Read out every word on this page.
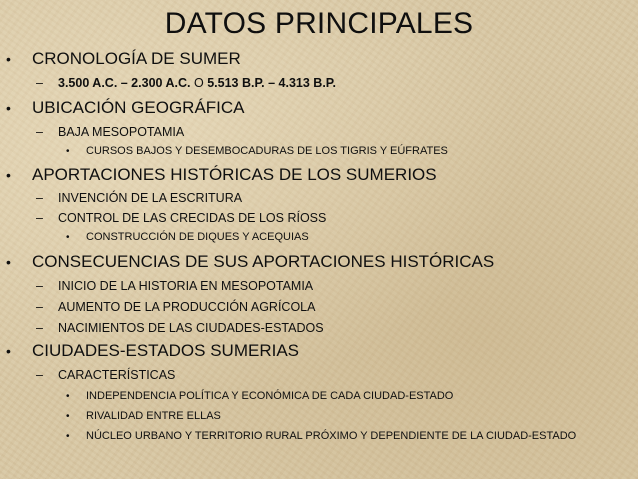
DATOS PRINCIPALES
• CRONOLOGÍA DE SUMER
– 3.500 A.C. – 2.300 A.C. O 5.513 B.P. – 4.313 B.P.
• UBICACIÓN GEOGRÁFICA
– BAJA MESOPOTAMIA
• CURSOS BAJOS Y DESEMBOCADURAS DE LOS TIGRIS Y EÚFRATES
• APORTACIONES HISTÓRICAS DE LOS SUMERIOS
– INVENCIÓN DE LA ESCRITURA
– CONTROL DE LAS CRECIDAS DE LOS RÍOSS
• CONSTRUCCIÓN DE DIQUES Y ACEQUIAS
• CONSECUENCIAS DE SUS APORTACIONES HISTÓRICAS
– INICIO DE LA HISTORIA EN MESOPOTAMIA
– AUMENTO DE LA PRODUCCIÓN AGRÍCOLA
– NACIMIENTOS DE LAS CIUDADES-ESTADOS
• CIUDADES-ESTADOS SUMERIAS
– CARACTERÍSTICAS
• INDEPENDENCIA POLÍTICA Y ECONÓMICA DE CADA CIUDAD-ESTADO
• RIVALIDAD ENTRE ELLAS
• NÚCLEO URBANO Y TERRITORIO RURAL PRÓXIMO Y DEPENDIENTE DE LA CIUDAD-ESTADO
